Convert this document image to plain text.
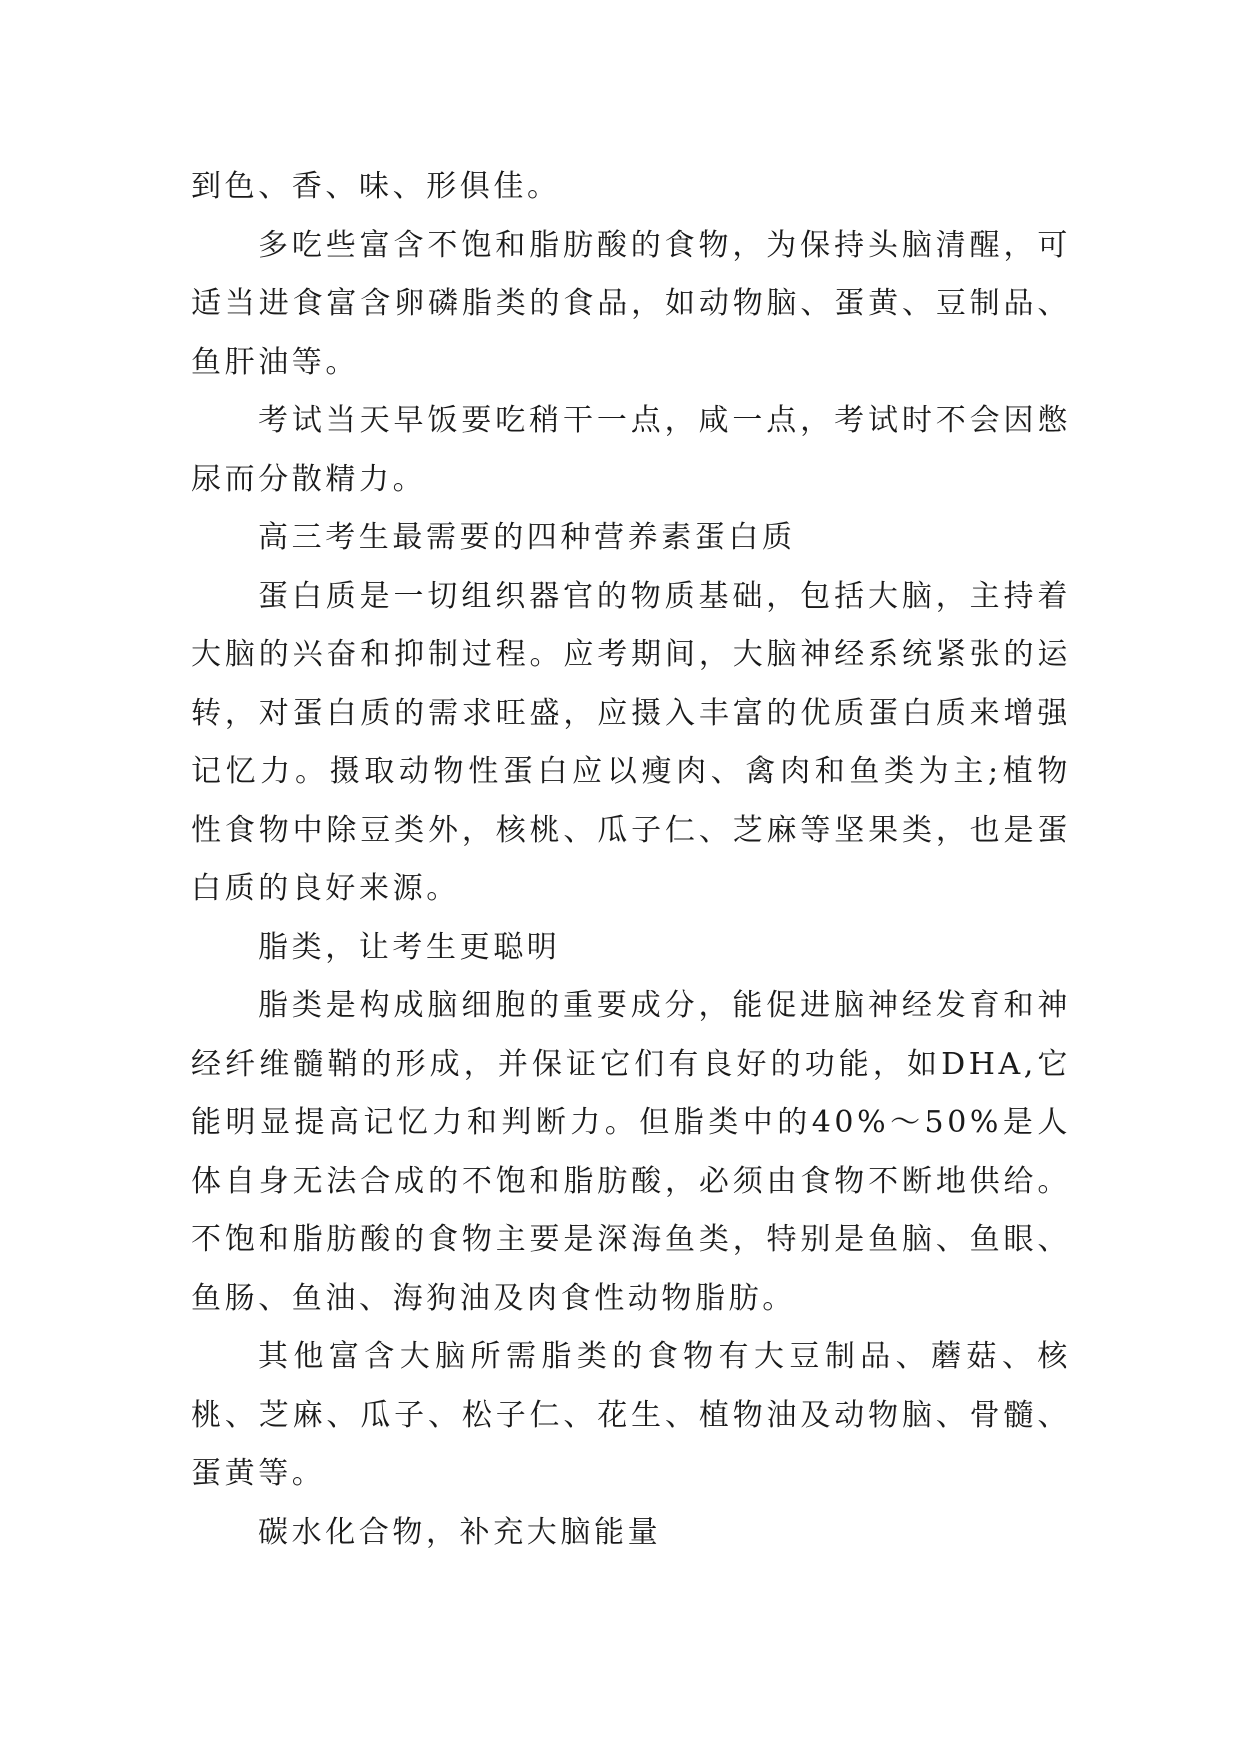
到色、香、味、形俱佳。

多吃些富含不饱和脂肪酸的食物，为保持头脑清醒，可适当进食富含卵磷脂类的食品，如动物脑、蛋黄、豆制品、鱼肝油等。

考试当天早饭要吃稍干一点，咸一点，考试时不会因憋尿而分散精力。

高三考生最需要的四种营养素蛋白质

蛋白质是一切组织器官的物质基础，包括大脑，主持着大脑的兴奋和抑制过程。应考期间，大脑神经系统紧张的运转，对蛋白质的需求旺盛，应摄入丰富的优质蛋白质来增强记忆力。摄取动物性蛋白应以瘦肉、禽肉和鱼类为主;植物性食物中除豆类外，核桃、瓜子仁、芝麻等坚果类，也是蛋白质的良好来源。

脂类，让考生更聪明

脂类是构成脑细胞的重要成分，能促进脑神经发育和神经纤维髓鞘的形成，并保证它们有良好的功能，如DHA,它能明显提高记忆力和判断力。但脂类中的40%～50%是人体自身无法合成的不饱和脂肪酸，必须由食物不断地供给。不饱和脂肪酸的食物主要是深海鱼类，特别是鱼脑、鱼眼、鱼肠、鱼油、海狗油及肉食性动物脂肪。

其他富含大脑所需脂类的食物有大豆制品、蘑菇、核桃、芝麻、瓜子、松子仁、花生、植物油及动物脑、骨髓、蛋黄等。

碳水化合物，补充大脑能量
